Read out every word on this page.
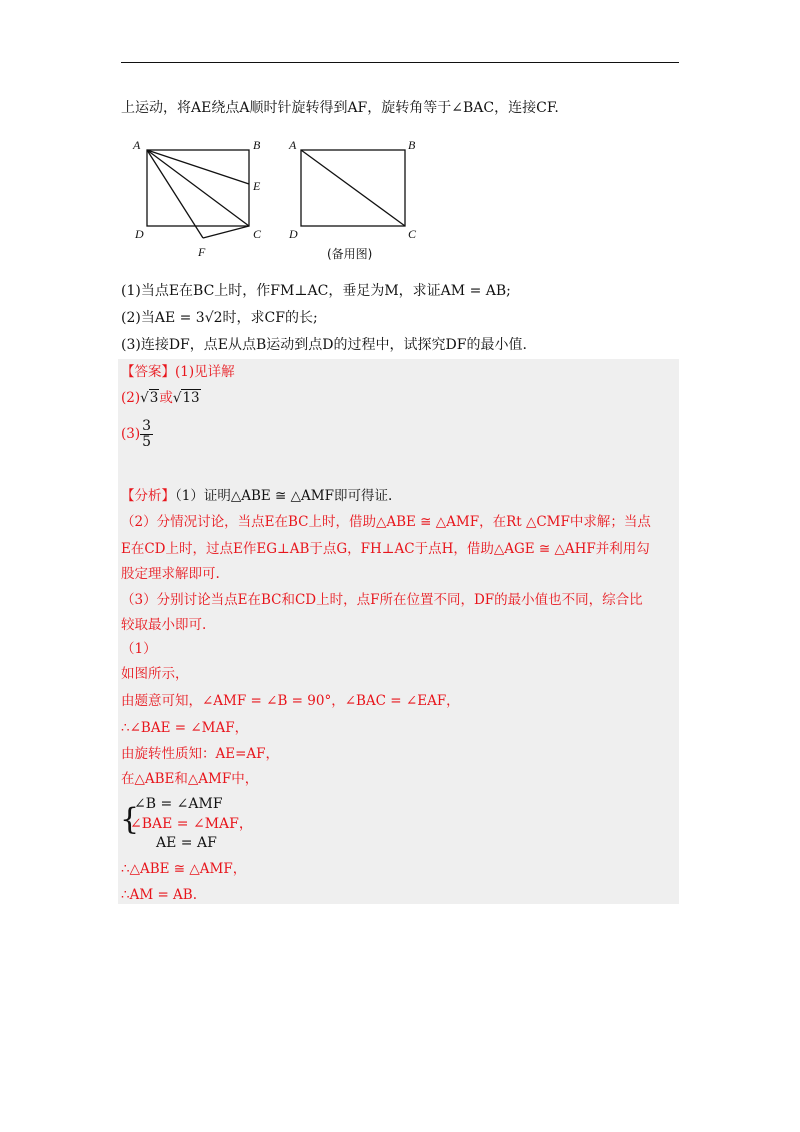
上运动，将AE绕点A顺时针旋转得到AF，旋转角等于∠BAC，连接CF.
A	B
E
C
D
F
A	B
C
D
(备用图)
(1)当点E在BC上时，作FM⊥AC，垂足为M，求证AM = AB;
(2)当AE = 3√2时，求CF的长;
(3)连接DF，点E从点B运动到点D的过程中，试探究DF的最小值.
【答案】(1)见详解
(2)√3或√13
$(3) \frac{3}{5}$
【分析】（1）证明△ABE ≅ △AMF即可得证.
（2）分情况讨论，当点E在BC上时，借助△ABE ≅ △AMF，在Rt △CMF中求解；当点
E在CD上时，过点E作EG⊥AB于点G，FH⊥AC于点H，借助△AGE ≅ △AHF并利用勾
股定理求解即可.
（3）分别讨论当点E在BC和CD上时，点F所在位置不同，DF的最小值也不同，综合比
较取最小即可.
（1）
如图所示，
由题意可知，∠AMF = ∠B = 90°，∠BAC = ∠EAF，
∴∠BAE = ∠MAF，
由旋转性质知：AE=AF，
在△ABE和△AMF中，
∴△ABE ≅ △AMF，
∴AM = AB.
{
∠B = ∠AMF
∠BAE = ∠MAF，
AE = AF
